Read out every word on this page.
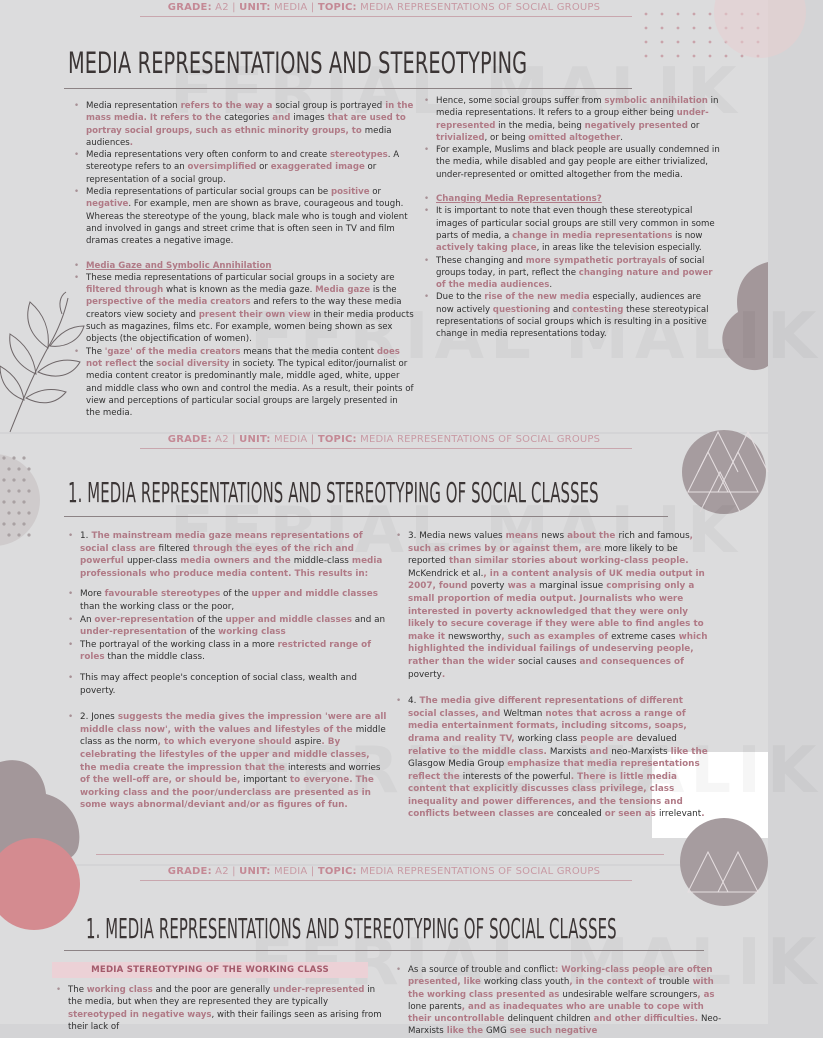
GRADE: A2 | UNIT: MEDIA | TOPIC: MEDIA REPRESENTATIONS OF SOCIAL GROUPS
MEDIA REPRESENTATIONS AND STEREOTYPING
• Media representation refers to the way a social group is portrayed in the mass media. It refers to the categories and images that are used to portray social groups, such as ethnic minority groups, to media audiences.
• Media representations very often conform to and create stereotypes. A stereotype refers to an oversimplified or exaggerated image or representation of a social group.
• Media representations of particular social groups can be positive or negative. For example, men are shown as brave, courageous and tough. Whereas the stereotype of the young, black male who is tough and violent and involved in gangs and street crime that is often seen in TV and film dramas creates a negative image.
• Media Gaze and Symbolic Annihilation
• These media representations of particular social groups in a society are filtered through what is known as the media gaze. Media gaze is the perspective of the media creators and refers to the way these media creators view society and present their own view in their media products such as magazines, films etc. For example, women being shown as sex objects (the objectification of women).
• The 'gaze' of the media creators means that the media content does not reflect the social diversity in society. The typical editor/journalist or media content creator is predominantly male, middle aged, white, upper and middle class who own and control the media. As a result, their points of view and perceptions of particular social groups are largely presented in the media.
• Hence, some social groups suffer from symbolic annihilation in media representations. It refers to a group either being under-represented in the media, being negatively presented or trivialized, or being omitted altogether.
• For example, Muslims and black people are usually condemned in the media, while disabled and gay people are either trivialized, under-represented or omitted altogether from the media.
• Changing Media Representations?
• It is important to note that even though these stereotypical images of particular social groups are still very common in some parts of media, a change in media representations is now actively taking place, in areas like the television especially.
• These changing and more sympathetic portrayals of social groups today, in part, reflect the changing nature and power of the media audiences.
• Due to the rise of the new media especially, audiences are now actively questioning and contesting these stereotypical representations of social groups which is resulting in a positive change in media representations today.
GRADE: A2 | UNIT: MEDIA | TOPIC: MEDIA REPRESENTATIONS OF SOCIAL GROUPS
1. MEDIA REPRESENTATIONS AND STEREOTYPING OF SOCIAL CLASSES
• 1. The mainstream media gaze means representations of social class are filtered through the eyes of the rich and powerful upper-class media owners and the middle-class media professionals who produce media content. This results in:
• More favourable stereotypes of the upper and middle classes than the working class or the poor,
• An over-representation of the upper and middle classes and an under-representation of the working class
• The portrayal of the working class in a more restricted range of roles than the middle class.
• This may affect people's conception of social class, wealth and poverty.
• 2. Jones suggests the media gives the impression 'were are all middle class now', with the values and lifestyles of the middle class as the norm, to which everyone should aspire. By celebrating the lifestyles of the upper and middle classes, the media create the impression that the interests and worries of the well-off are, or should be, important to everyone. The working class and the poor/underclass are presented as in some ways abnormal/deviant and/or as figures of fun.
• 3. Media news values means news about the rich and famous, such as crimes by or against them, are more likely to be reported than similar stories about working-class people. McKendrick et al., in a content analysis of UK media output in 2007, found poverty was a marginal issue comprising only a small proportion of media output. Journalists who were interested in poverty acknowledged that they were only likely to secure coverage if they were able to find angles to make it newsworthy, such as examples of extreme cases which highlighted the individual failings of undeserving people, rather than the wider social causes and consequences of poverty.
• 4. The media give different representations of different social classes, and Weltman notes that across a range of media entertainment formats, including sitcoms, soaps, drama and reality TV, working class people are devalued relative to the middle class. Marxists and neo-Marxists like the Glasgow Media Group emphasize that media representations reflect the interests of the powerful. There is little media content that explicitly discusses class privilege, class inequality and power differences, and the tensions and conflicts between classes are concealed or seen as irrelevant.
GRADE: A2 | UNIT: MEDIA | TOPIC: MEDIA REPRESENTATIONS OF SOCIAL GROUPS
1. MEDIA REPRESENTATIONS AND STEREOTYPING OF SOCIAL CLASSES
MEDIA STEREOTYPING OF THE WORKING CLASS
• The working class and the poor are generally under-represented in the media, but when they are represented they are typically stereotyped in negative ways, with their failings seen as arising from their lack of
• As a source of trouble and conflict: Working-class people are often presented, like working class youth, in the context of trouble with the working class presented as undesirable welfare scroungers, as lone parents, and as inadequates who are unable to cope with their uncontrollable delinquent children and other difficulties. Neo-Marxists like the GMG see such negative
